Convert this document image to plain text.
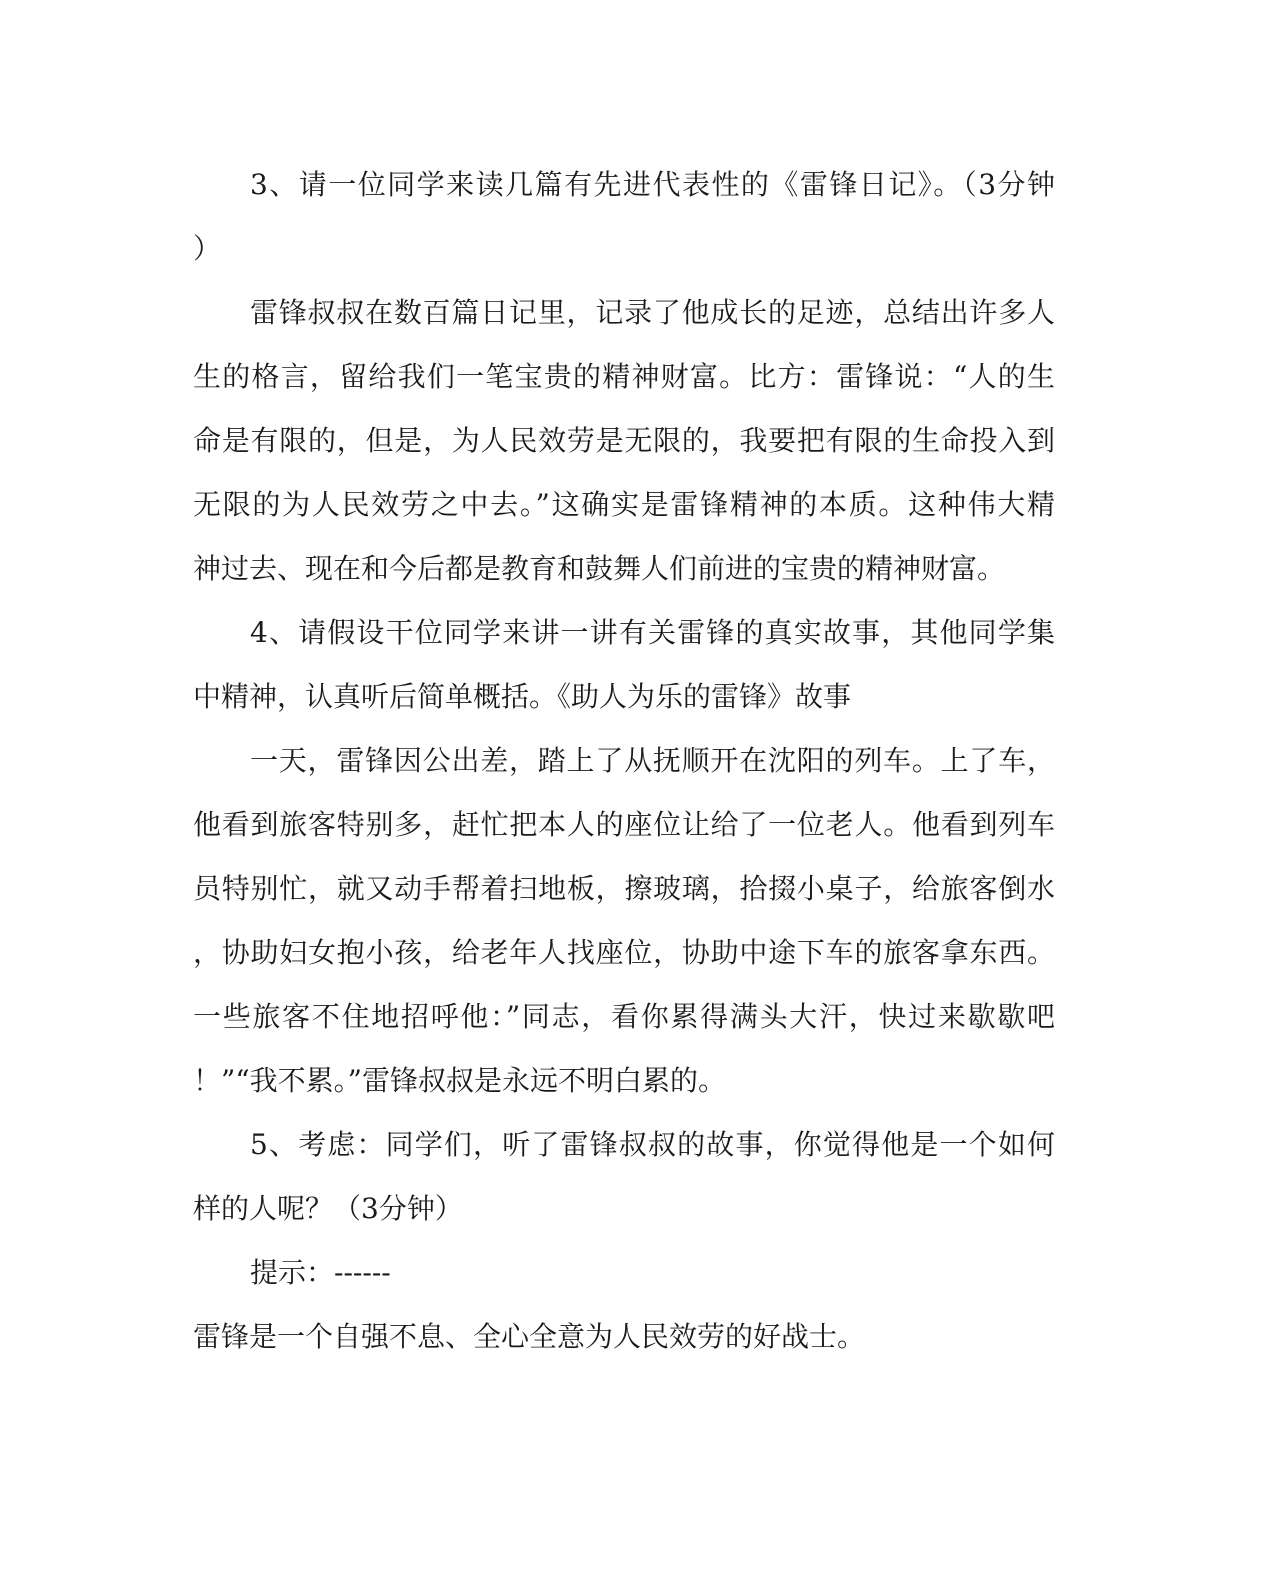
3、请一位同学来读几篇有先进代表性的《雷锋日记》。（3分钟
）
雷锋叔叔在数百篇日记里，记录了他成长的足迹，总结出许多人
生的格言，留给我们一笔宝贵的精神财富。比方：雷锋说：“人的生
命是有限的，但是，为人民效劳是无限的，我要把有限的生命投入到
无限的为人民效劳之中去。”这确实是雷锋精神的本质。这种伟大精
神过去、现在和今后都是教育和鼓舞人们前进的宝贵的精神财富。
4、请假设干位同学来讲一讲有关雷锋的真实故事，其他同学集
中精神，认真听后简单概括。《助人为乐的雷锋》故事
一天，雷锋因公出差，踏上了从抚顺开在沈阳的列车。上了车，
他看到旅客特别多，赶忙把本人的座位让给了一位老人。他看到列车
员特别忙，就又动手帮着扫地板，擦玻璃，拾掇小桌子，给旅客倒水
，协助妇女抱小孩，给老年人找座位，协助中途下车的旅客拿东西。
一些旅客不住地招呼他：”同志，看你累得满头大汗，快过来歇歇吧
！”“我不累。”雷锋叔叔是永远不明白累的。
5、考虑：同学们，听了雷锋叔叔的故事，你觉得他是一个如何
样的人呢？（3分钟）
提示：------
雷锋是一个自强不息、全心全意为人民效劳的好战士。
